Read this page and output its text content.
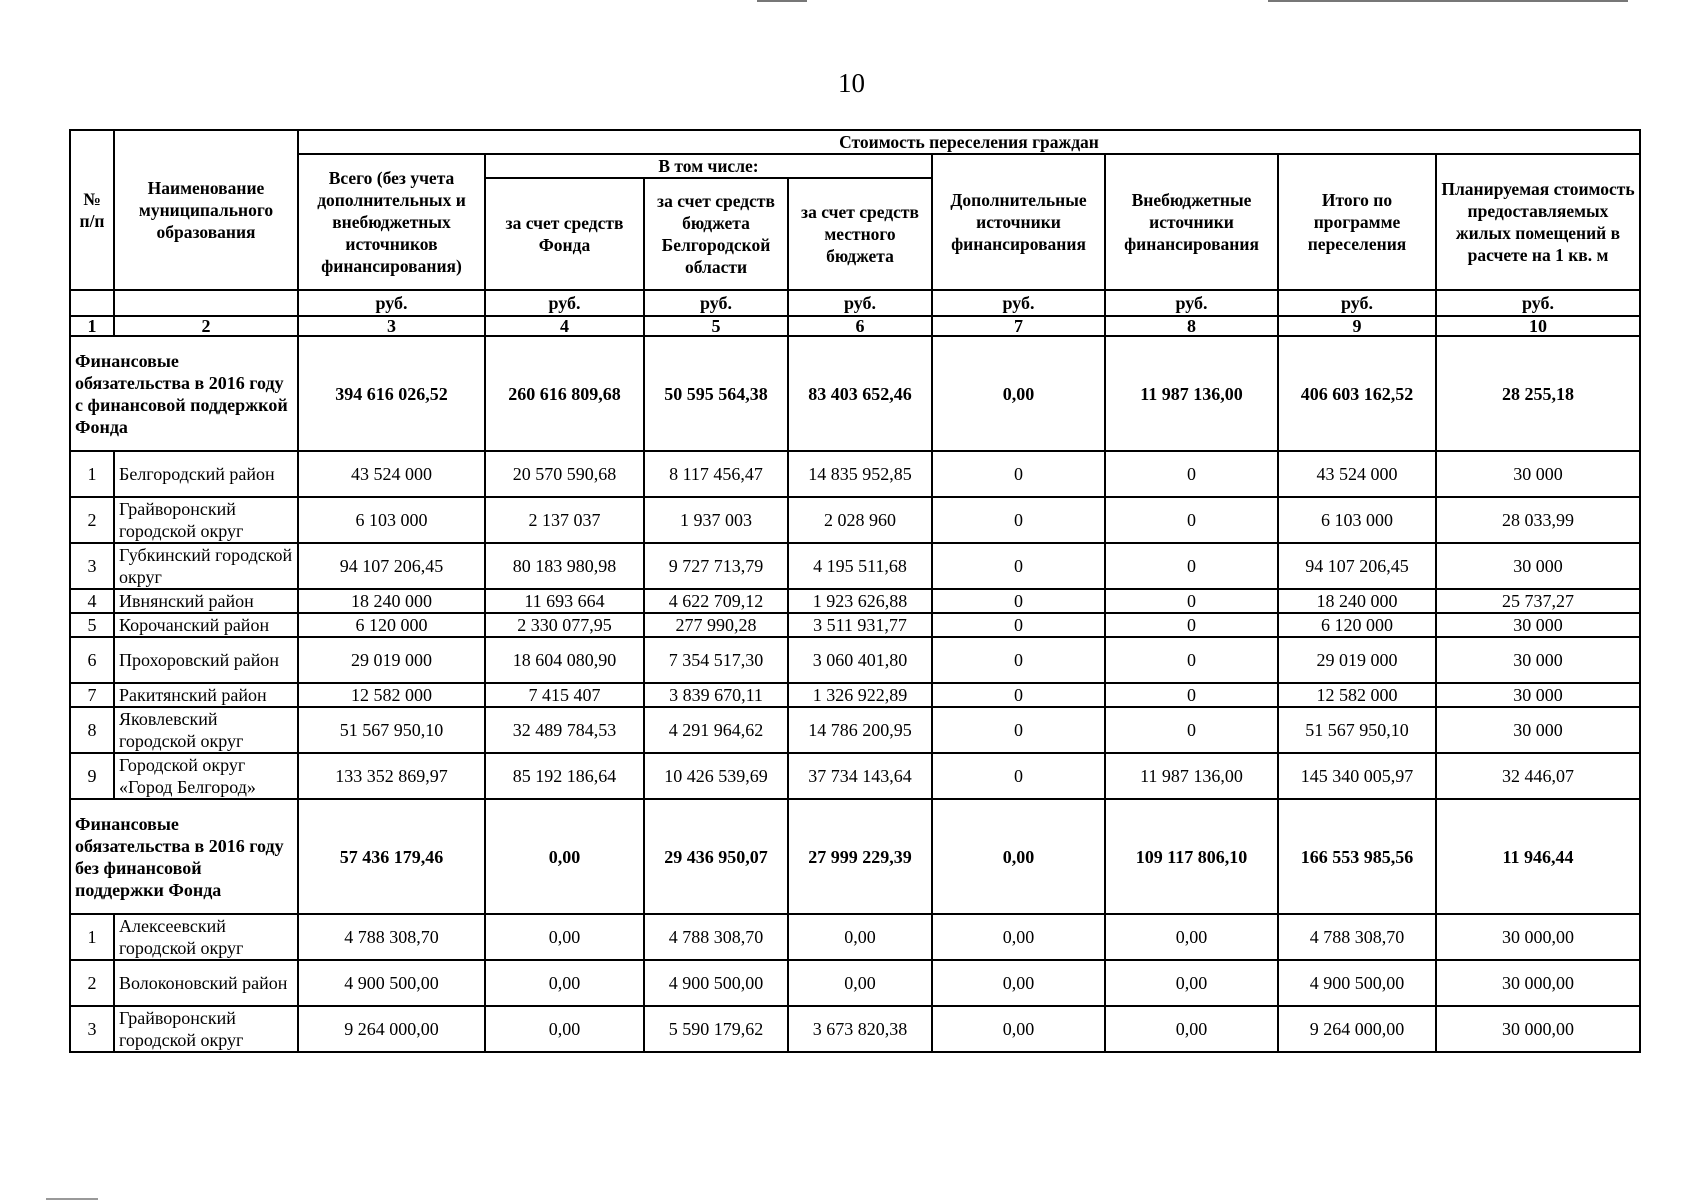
10
№ п/п	Наименование муниципального образования	Стоимость переселения граждан							
		Всего (без учета дополнительных и внебюджетных источников финансирования)	В том числе:			Дополнительные источники финансирования	Внебюджетные источники финансирования	Итого по программе переселения	Планируемая стоимость предоставляемых жилых помещений в расчете на 1 кв. м
			за счет средств Фонда	за счет средств бюджета Белгородской области	за счет средств местного бюджета				
		руб.	руб.	руб.	руб.	руб.	руб.	руб.	руб.
1	2	3	4	5	6	7	8	9	10
Финансовые обязательства в 2016 году с финансовой поддержкой Фонда		394 616 026,52	260 616 809,68	50 595 564,38	83 403 652,46	0,00	11 987 136,00	406 603 162,52	28 255,18
1	Белгородский район	43 524 000	20 570 590,68	8 117 456,47	14 835 952,85	0	0	43 524 000	30 000
2	Грайворонский городской округ	6 103 000	2 137 037	1 937 003	2 028 960	0	0	6 103 000	28 033,99
3	Губкинский городской округ	94 107 206,45	80 183 980,98	9 727 713,79	4 195 511,68	0	0	94 107 206,45	30 000
4	Ивнянский район	18 240 000	11 693 664	4 622 709,12	1 923 626,88	0	0	18 240 000	25 737,27
5	Корочанский район	6 120 000	2 330 077,95	277 990,28	3 511 931,77	0	0	6 120 000	30 000
6	Прохоровский район	29 019 000	18 604 080,90	7 354 517,30	3 060 401,80	0	0	29 019 000	30 000
7	Ракитянский район	12 582 000	7 415 407	3 839 670,11	1 326 922,89	0	0	12 582 000	30 000
8	Яковлевский городской округ	51 567 950,10	32 489 784,53	4 291 964,62	14 786 200,95	0	0	51 567 950,10	30 000
9	Городской округ «Город Белгород»	133 352 869,97	85 192 186,64	10 426 539,69	37 734 143,64	0	11 987 136,00	145 340 005,97	32 446,07
Финансовые обязательства в 2016 году без финансовой поддержки Фонда		57 436 179,46	0,00	29 436 950,07	27 999 229,39	0,00	109 117 806,10	166 553 985,56	11 946,44
1	Алексеевский городской округ	4 788 308,70	0,00	4 788 308,70	0,00	0,00	0,00	4 788 308,70	30 000,00
2	Волоконовский район	4 900 500,00	0,00	4 900 500,00	0,00	0,00	0,00	4 900 500,00	30 000,00
3	Грайворонский городской округ	9 264 000,00	0,00	5 590 179,62	3 673 820,38	0,00	0,00	9 264 000,00	30 000,00
